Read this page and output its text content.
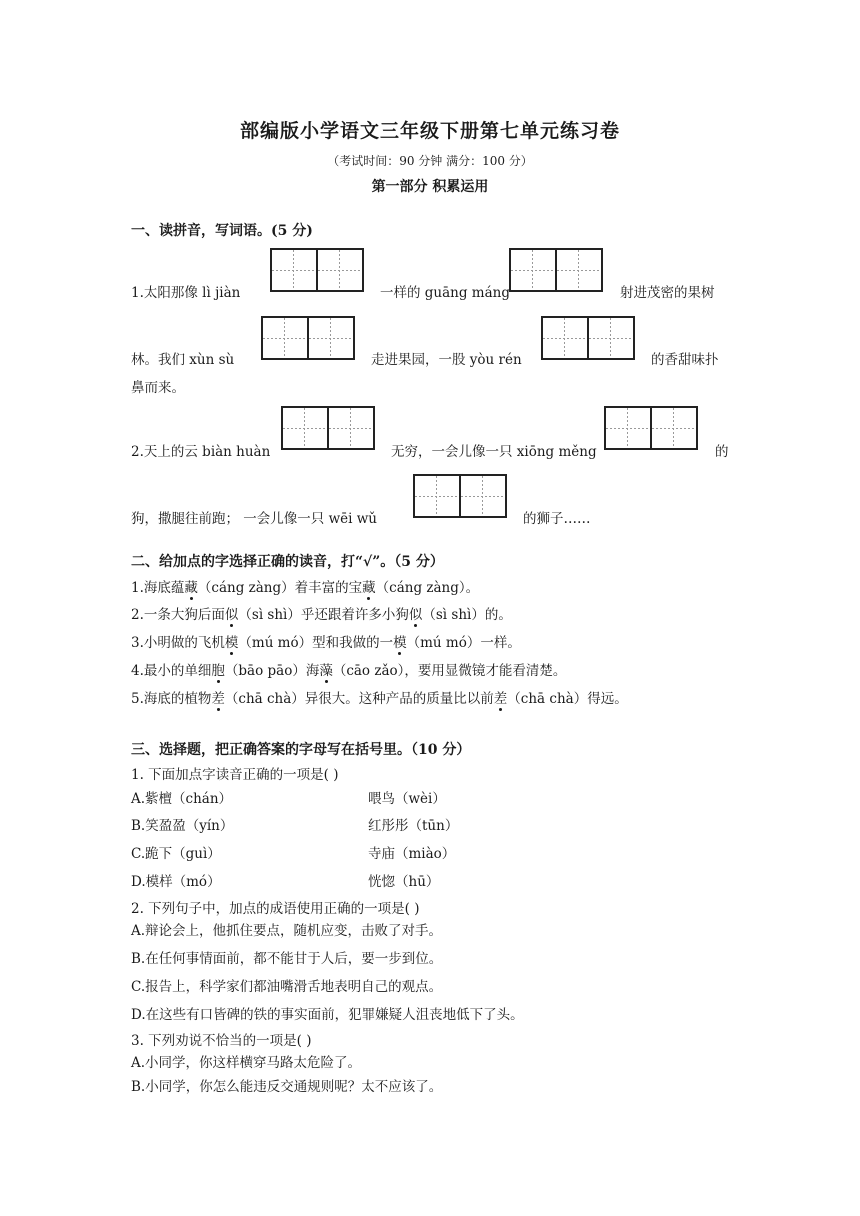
部编版小学语文三年级下册第七单元练习卷
（考试时间：90 分钟 满分：100 分）
第一部分 积累运用
一、读拼音，写词语。(5 分)
1.太阳那像 lì jiàn	一样的 guāng máng	射进茂密的果树
林。我们 xùn sù	走进果园，一股 yòu rén	的香甜味扑
鼻而来。
2.天上的云 biàn huàn	无穷，一会儿像一只 xiōng měng	的
狗，撒腿往前跑； 一会儿像一只 wēi wǔ	的狮子……
二、给加点的字选择正确的读音，打“√”。（5 分）
1.海底蕴藏（cáng zàng）着丰富的宝藏（cáng zàng）。
2.一条大狗后面似（sì shì）乎还跟着许多小狗似（sì shì）的。
3.小明做的飞机模（mú mó）型和我做的一模（mú mó）一样。
4.最小的单细胞（bāo pāo）海藻（cāo zǎo），要用显微镜才能看清楚。
5.海底的植物差（chā chà）异很大。这种产品的质量比以前差（chā chà）得远。
三、选择题，把正确答案的字母写在括号里。（10 分）
1. 下面加点字读音正确的一项是( )
A.紫檀（chán）	喂鸟（wèi）
B.笑盈盈（yín）	红彤彤（tūn）
C.跪下（guì）	寺庙（miào）
D.模样（mó）	恍惚（hū）
2. 下列句子中，加点的成语使用正确的一项是( )
A.辩论会上，他抓住要点，随机应变，击败了对手。
B.在任何事情面前，都不能甘于人后，要一步到位。
C.报告上，科学家们都油嘴滑舌地表明自己的观点。
D.在这些有口皆碑的铁的事实面前，犯罪嫌疑人沮丧地低下了头。
3. 下列劝说不恰当的一项是( )
A.小同学，你这样横穿马路太危险了。
B.小同学，你怎么能违反交通规则呢？太不应该了。
